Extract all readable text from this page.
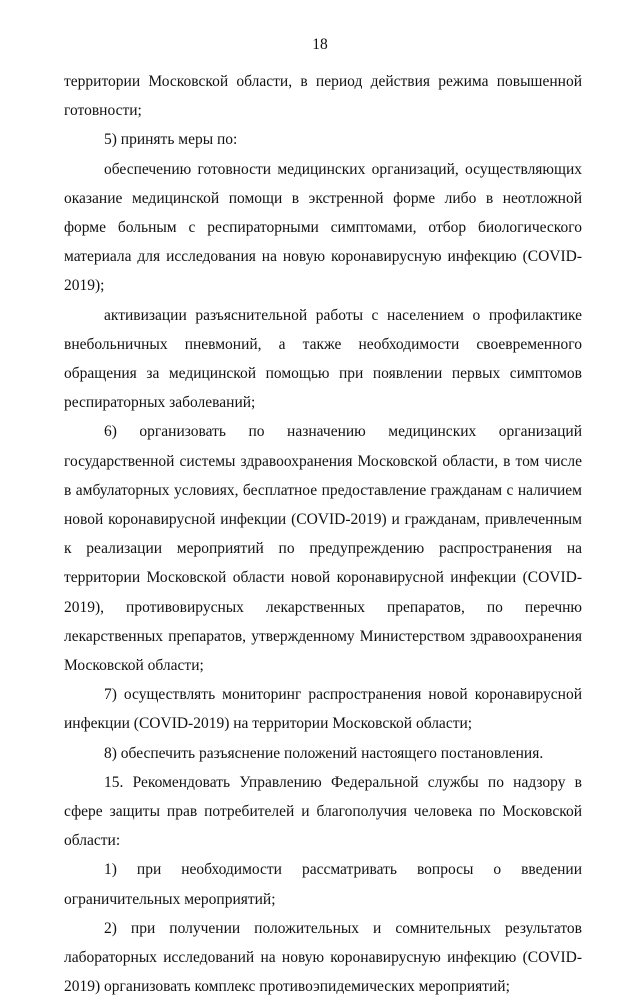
18

территории Московской области, в период действия режима повышенной готовности;

5) принять меры по:

обеспечению готовности медицинских организаций, осуществляющих оказание медицинской помощи в экстренной форме либо в неотложной форме больным с респираторными симптомами, отбор биологического материала для исследования на новую коронавирусную инфекцию (COVID-2019);

активизации разъяснительной работы с населением о профилактике внебольничных пневмоний, а также необходимости своевременного обращения за медицинской помощью при появлении первых симптомов респираторных заболеваний;

6) организовать по назначению медицинских организаций государственной системы здравоохранения Московской области, в том числе в амбулаторных условиях, бесплатное предоставление гражданам с наличием новой коронавирусной инфекции (COVID-2019) и гражданам, привлеченным к реализации мероприятий по предупреждению распространения на территории Московской области новой коронавирусной инфекции (COVID-2019), противовирусных лекарственных препаратов, по перечню лекарственных препаратов, утвержденному Министерством здравоохранения Московской области;

7) осуществлять мониторинг распространения новой коронавирусной инфекции (COVID-2019) на территории Московской области;

8) обеспечить разъяснение положений настоящего постановления.

15. Рекомендовать Управлению Федеральной службы по надзору в сфере защиты прав потребителей и благополучия человека по Московской области:

1) при необходимости рассматривать вопросы о введении ограничительных мероприятий;

2) при получении положительных и сомнительных результатов лабораторных исследований на новую коронавирусную инфекцию (COVID-2019) организовать комплекс противоэпидемических мероприятий;
